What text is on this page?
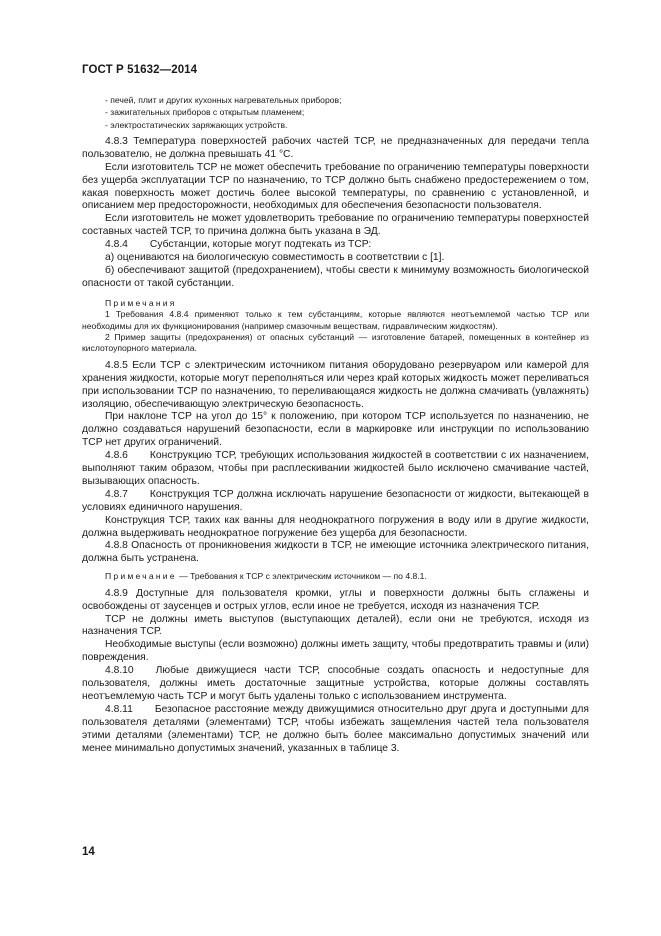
ГОСТ Р 51632—2014

- печей, плит и других кухонных нагревательных приборов;

- зажигательных приборов с открытым пламенем;

- электростатических заряжающих устройств.

4.8.3 Температура поверхностей рабочих частей ТСР, не предназначенных для передачи тепла пользователю, не должна превышать 41 °С.

Если изготовитель ТСР не может обеспечить требование по ограничению температуры поверхности без ущерба эксплуатации ТСР по назначению, то ТСР должно быть снабжено предостережением о том, какая поверхность может достичь более высокой температуры, по сравнению с установленной, и описанием мер предосторожности, необходимых для обеспечения безопасности пользователя.

Если изготовитель не может удовлетворить требование по ограничению температуры поверхностей составных частей ТСР, то причина должна быть указана в ЭД.

4.8.4 Субстанции, которые могут подтекать из ТСР:

а) оцениваются на биологическую совместимость в соответствии с [1].

б) обеспечивают защитой (предохранением), чтобы свести к минимуму возможность биологической опасности от такой субстанции.

Примечания

1 Требования 4.8.4 применяют только к тем субстанциям, которые являются неотъемлемой частью ТСР или необходимы для их функционирования (например смазочным веществам, гидравлическим жидкостям).

2 Пример защиты (предохранения) от опасных субстанций — изготовление батарей, помещенных в контейнер из кислотоупорного материала.

4.8.5 Если ТСР с электрическим источником питания оборудовано резервуаром или камерой для хранения жидкости, которые могут переполняться или через край которых жидкость может переливаться при использовании ТСР по назначению, то переливающаяся жидкость не должна смачивать (увлажнять) изоляцию, обеспечивающую электрическую безопасность.

При наклоне ТСР на угол до 15° к положению, при котором ТСР используется по назначению, не должно создаваться нарушений безопасности, если в маркировке или инструкции по использованию ТСР нет других ограничений.

4.8.6 Конструкцию ТСР, требующих использования жидкостей в соответствии с их назначением, выполняют таким образом, чтобы при расплескивании жидкостей было исключено смачивание частей, вызывающих опасность.

4.8.7 Конструкция ТСР должна исключать нарушение безопасности от жидкости, вытекающей в условиях единичного нарушения.

Конструкция ТСР, таких как ванны для неоднократного погружения в воду или в другие жидкости, должна выдерживать неоднократное погружение без ущерба для безопасности.

4.8.8 Опасность от проникновения жидкости в ТСР, не имеющие источника электрического питания, должна быть устранена.

Примечание — Требования к ТСР с электрическим источником — по 4.8.1.

4.8.9 Доступные для пользователя кромки, углы и поверхности должны быть сглажены и освобождены от заусенцев и острых углов, если иное не требуется, исходя из назначения ТСР.

ТСР не должны иметь выступов (выступающих деталей), если они не требуются, исходя из назначения ТСР.

Необходимые выступы (если возможно) должны иметь защиту, чтобы предотвратить травмы и (или) повреждения.

4.8.10 Любые движущиеся части ТСР, способные создать опасность и недоступные для пользователя, должны иметь достаточные защитные устройства, которые должны составлять неотъемлемую часть ТСР и могут быть удалены только с использованием инструмента.

4.8.11 Безопасное расстояние между движущимися относительно друг друга и доступными для пользователя деталями (элементами) ТСР, чтобы избежать защемления частей тела пользователя этими деталями (элементами) ТСР, не должно быть более максимально допустимых значений или менее минимально допустимых значений, указанных в таблице 3.

14
